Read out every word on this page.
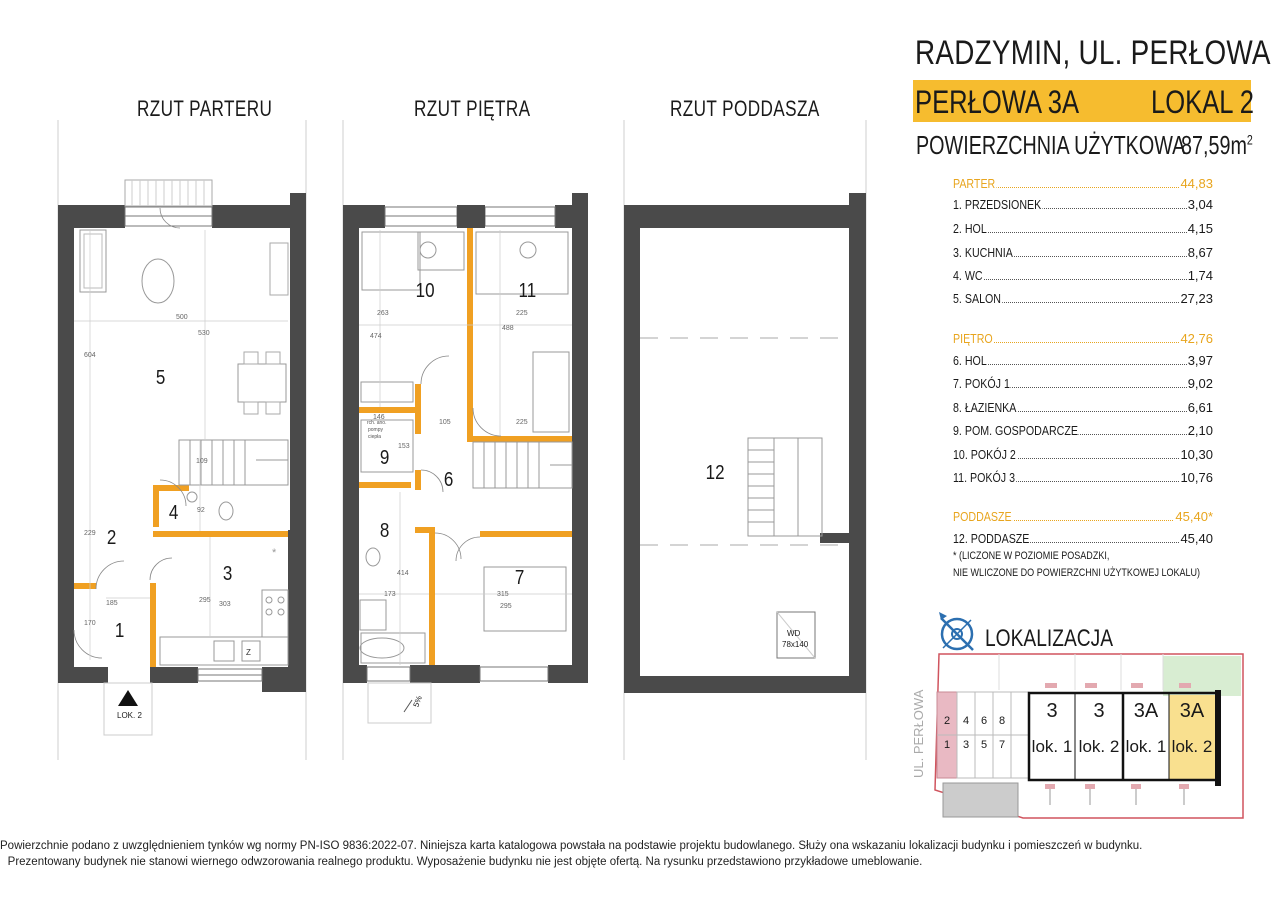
RZUT PARTERU	RZUT PIĘTRA	RZUT PODDASZA
*
Z
1
2
3
4
5
6
7
8
9
10	11
12
LOK. 2
5%
WD
78x140
rch. ano.
pompy
ciepła
500
530
604
109
92
229
185
170
295
303
263
474
488
225
146
153
105	225
414
173	315
295
RADZYMIN, UL. PERŁOWA
PERŁOWA 3A LOKAL 2
POWIERZCHNIA UŻYTKOWA
$87,59m^2$
PARTER	44,83
1. PRZEDSIONEK	3,04
2. HOL	4,15
3. KUCHNIA	8,67
4. WC	1,74
5. SALON	27,23
PIĘTRO	42,76
6. HOL	3,97
7. POKÓJ 1	9,02
8. ŁAZIENKA	6,61
9. POM. GOSPODARCZE	2,10
10. POKÓJ 2	10,30
11. POKÓJ 3	10,76
PODDASZE	45,40*
12. PODDASZE	45,40
* (LICZONE W POZIOMIE POSADZKI,
NIE WLICZONE DO POWIERZCHNI UŻYTKOWEJ LOKALU)
LOKALIZACJA
UL. PERŁOWA 2 4 6 8
1 3 5 7
3
lok. 1
3
lok. 2
3A
lok. 1
3A
lok. 2
Powierzchnie podano z uwzględnieniem tynków wg normy PN-ISO 9836:2022-07. Niniejsza karta katalogowa powstała na podstawie projektu budowlanego. Służy ona wskazaniu lokalizacji budynku i pomieszczeń w budynku.
Prezentowany budynek nie stanowi wiernego odwzorowania realnego produktu. Wyposażenie budynku nie jest objęte ofertą. Na rysunku przedstawiono przykładowe umeblowanie.
